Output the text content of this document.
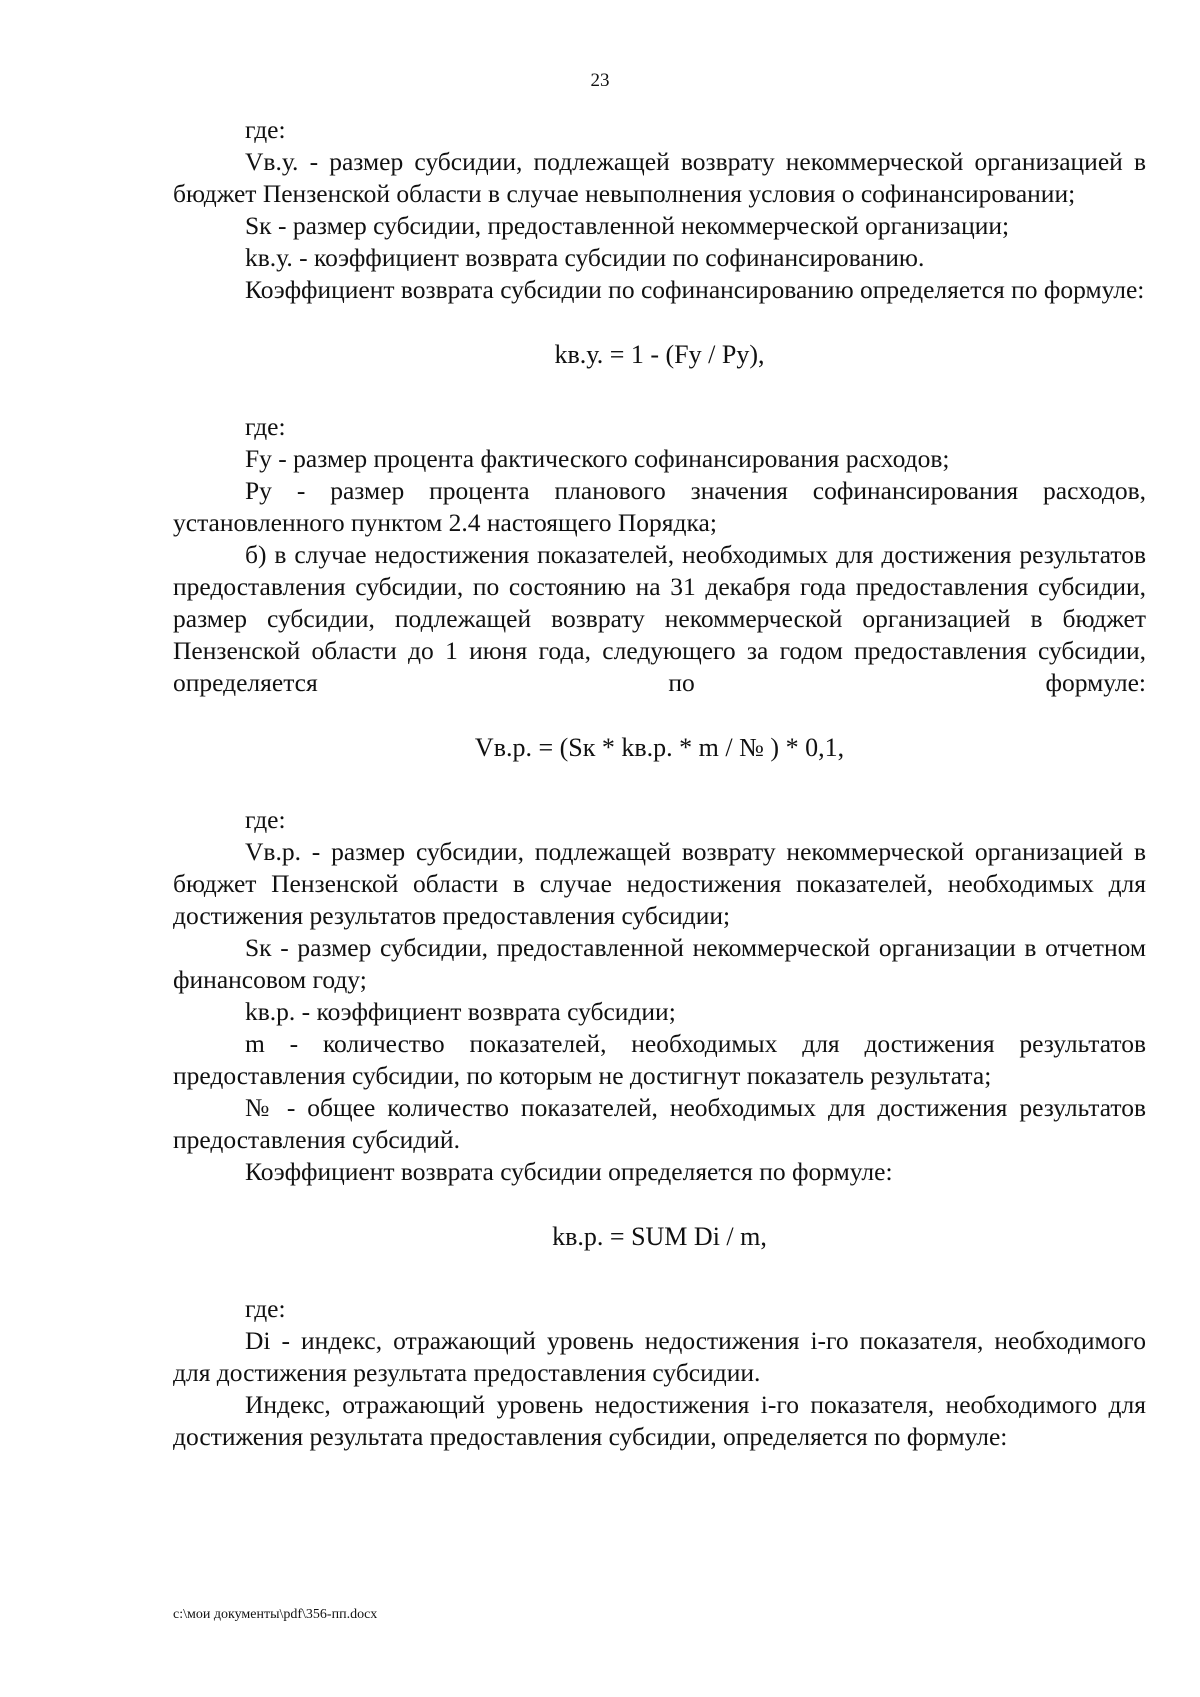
23

где:

Vв.у. - размер субсидии, подлежащей возврату некоммерческой организацией в бюджет Пензенской области в случае невыполнения условия о софинансировании;

Sк - размер субсидии, предоставленной некоммерческой организации;

kв.у. - коэффициент возврата субсидии по софинансированию.

Коэффициент возврата субсидии по софинансированию определяется по формуле:

kв.у. = 1 - (Fy / Py),

где:

Fy - размер процента фактического софинансирования расходов;

Py - размер процента планового значения софинансирования расходов, установленного пунктом 2.4 настоящего Порядка;

б) в случае недостижения показателей, необходимых для достижения результатов предоставления субсидии, по состоянию на 31 декабря года предоставления субсидии, размер субсидии, подлежащей возврату некоммерческой организацией в бюджет Пензенской области до 1 июня года, следующего за годом предоставления субсидии, определяется по формуле:

Vв.р. = (Sк * kв.р. * m / № ) * 0,1,

где:

Vв.р. - размер субсидии, подлежащей возврату некоммерческой организацией в бюджет Пензенской области в случае недостижения показателей, необходимых для достижения результатов предоставления субсидии;

Sк - размер субсидии, предоставленной некоммерческой организации в отчетном финансовом году;

kв.р. - коэффициент возврата субсидии;

m - количество показателей, необходимых для достижения результатов предоставления субсидии, по которым не достигнут показатель результата;

№ - общее количество показателей, необходимых для достижения результатов предоставления субсидий.

Коэффициент возврата субсидии определяется по формуле:

kв.р. = SUM Di / m,

где:

Di - индекс, отражающий уровень недостижения i-го показателя, необходимого для достижения результата предоставления субсидии.

Индекс, отражающий уровень недостижения i-го показателя, необходимого для достижения результата предоставления субсидии, определяется по формуле:

c:\мои документы\pdf\356-пп.docx
